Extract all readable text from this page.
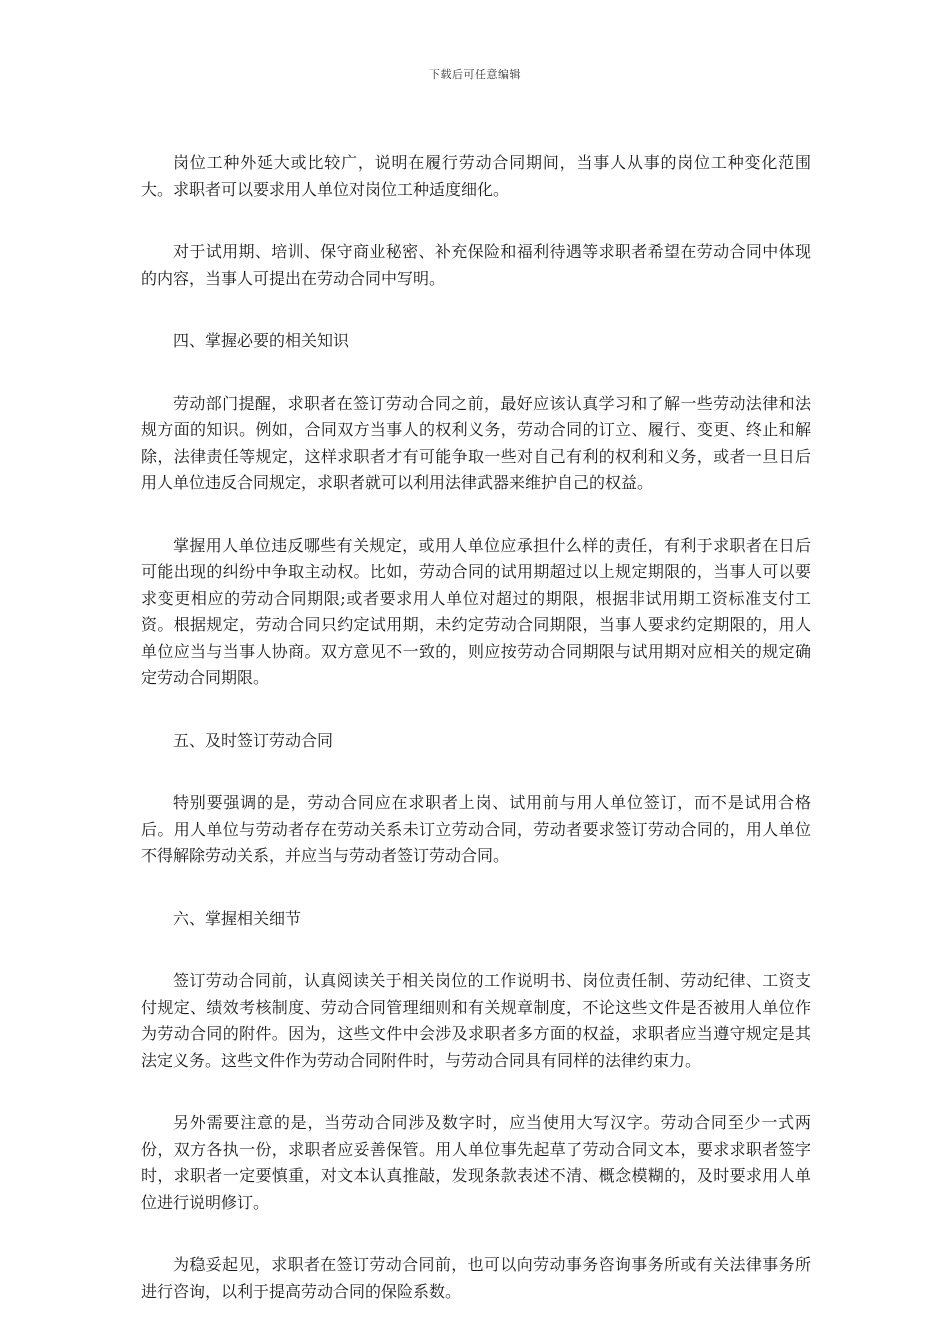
下载后可任意编辑

岗位工种外延大或比较广，说明在履行劳动合同期间，当事人从事的岗位工种变化范围大。求职者可以要求用人单位对岗位工种适度细化。

对于试用期、培训、保守商业秘密、补充保险和福利待遇等求职者希望在劳动合同中体现的内容，当事人可提出在劳动合同中写明。

四、掌握必要的相关知识

劳动部门提醒，求职者在签订劳动合同之前，最好应该认真学习和了解一些劳动法律和法规方面的知识。例如，合同双方当事人的权利义务，劳动合同的订立、履行、变更、终止和解除，法律责任等规定，这样求职者才有可能争取一些对自己有利的权利和义务，或者一旦日后用人单位违反合同规定，求职者就可以利用法律武器来维护自己的权益。

掌握用人单位违反哪些有关规定，或用人单位应承担什么样的责任，有利于求职者在日后可能出现的纠纷中争取主动权。比如，劳动合同的试用期超过以上规定期限的，当事人可以要求变更相应的劳动合同期限;或者要求用人单位对超过的期限，根据非试用期工资标准支付工资。根据规定，劳动合同只约定试用期，未约定劳动合同期限，当事人要求约定期限的，用人单位应当与当事人协商。双方意见不一致的，则应按劳动合同期限与试用期对应相关的规定确定劳动合同期限。

五、及时签订劳动合同

特别要强调的是，劳动合同应在求职者上岗、试用前与用人单位签订，而不是试用合格后。用人单位与劳动者存在劳动关系未订立劳动合同，劳动者要求签订劳动合同的，用人单位不得解除劳动关系，并应当与劳动者签订劳动合同。

六、掌握相关细节

签订劳动合同前，认真阅读关于相关岗位的工作说明书、岗位责任制、劳动纪律、工资支付规定、绩效考核制度、劳动合同管理细则和有关规章制度，不论这些文件是否被用人单位作为劳动合同的附件。因为，这些文件中会涉及求职者多方面的权益，求职者应当遵守规定是其法定义务。这些文件作为劳动合同附件时，与劳动合同具有同样的法律约束力。

另外需要注意的是，当劳动合同涉及数字时，应当使用大写汉字。劳动合同至少一式两份，双方各执一份，求职者应妥善保管。用人单位事先起草了劳动合同文本，要求求职者签字时，求职者一定要慎重，对文本认真推敲，发现条款表述不清、概念模糊的，及时要求用人单位进行说明修订。

为稳妥起见，求职者在签订劳动合同前，也可以向劳动事务咨询事务所或有关法律事务所进行咨询，以利于提高劳动合同的保险系数。
